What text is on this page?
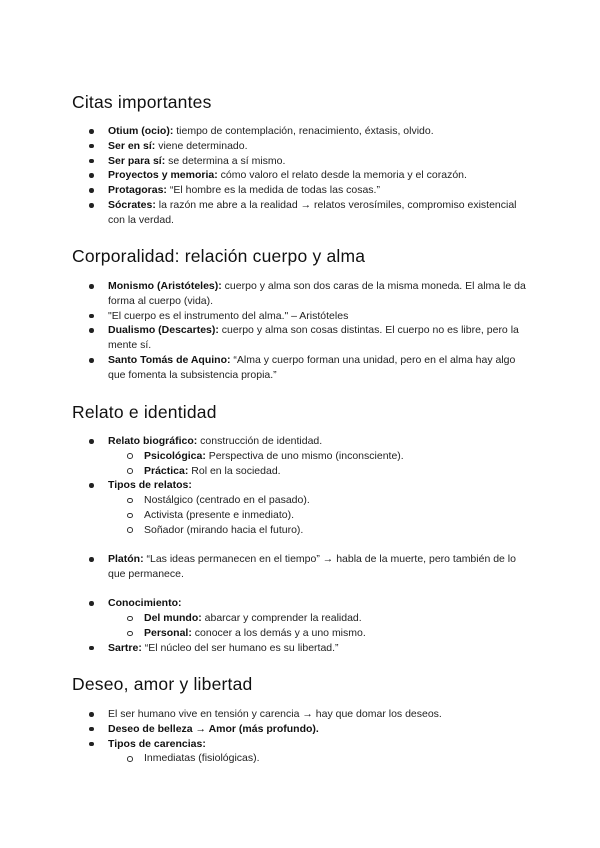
Citas importantes
Otium (ocio): tiempo de contemplación, renacimiento, éxtasis, olvido.
Ser en sí: viene determinado.
Ser para sí: se determina a sí mismo.
Proyectos y memoria: cómo valoro el relato desde la memoria y el corazón.
Protagoras: “El hombre es la medida de todas las cosas.”
Sócrates: la razón me abre a la realidad → relatos verosímiles, compromiso existencial con la verdad.
Corporalidad: relación cuerpo y alma
Monismo (Aristóteles): cuerpo y alma son dos caras de la misma moneda. El alma le da forma al cuerpo (vida).
"El cuerpo es el instrumento del alma." – Aristóteles
Dualismo (Descartes): cuerpo y alma son cosas distintas. El cuerpo no es libre, pero la mente sí.
Santo Tomás de Aquino: “Alma y cuerpo forman una unidad, pero en el alma hay algo que fomenta la subsistencia propia.”
Relato e identidad
Relato biográfico: construcción de identidad.
Psicológica: Perspectiva de uno mismo (inconsciente).
Práctica: Rol en la sociedad.
Tipos de relatos:
Nostálgico (centrado en el pasado).
Activista (presente e inmediato).
Soñador (mirando hacia el futuro).
Platón: “Las ideas permanecen en el tiempo” → habla de la muerte, pero también de lo que permanece.
Conocimiento:
Del mundo: abarcar y comprender la realidad.
Personal: conocer a los demás y a uno mismo.
Sartre: “El núcleo del ser humano es su libertad.”
Deseo, amor y libertad
El ser humano vive en tensión y carencia → hay que domar los deseos.
Deseo de belleza → Amor (más profundo).
Tipos de carencias:
Inmediatas (fisiológicas).
